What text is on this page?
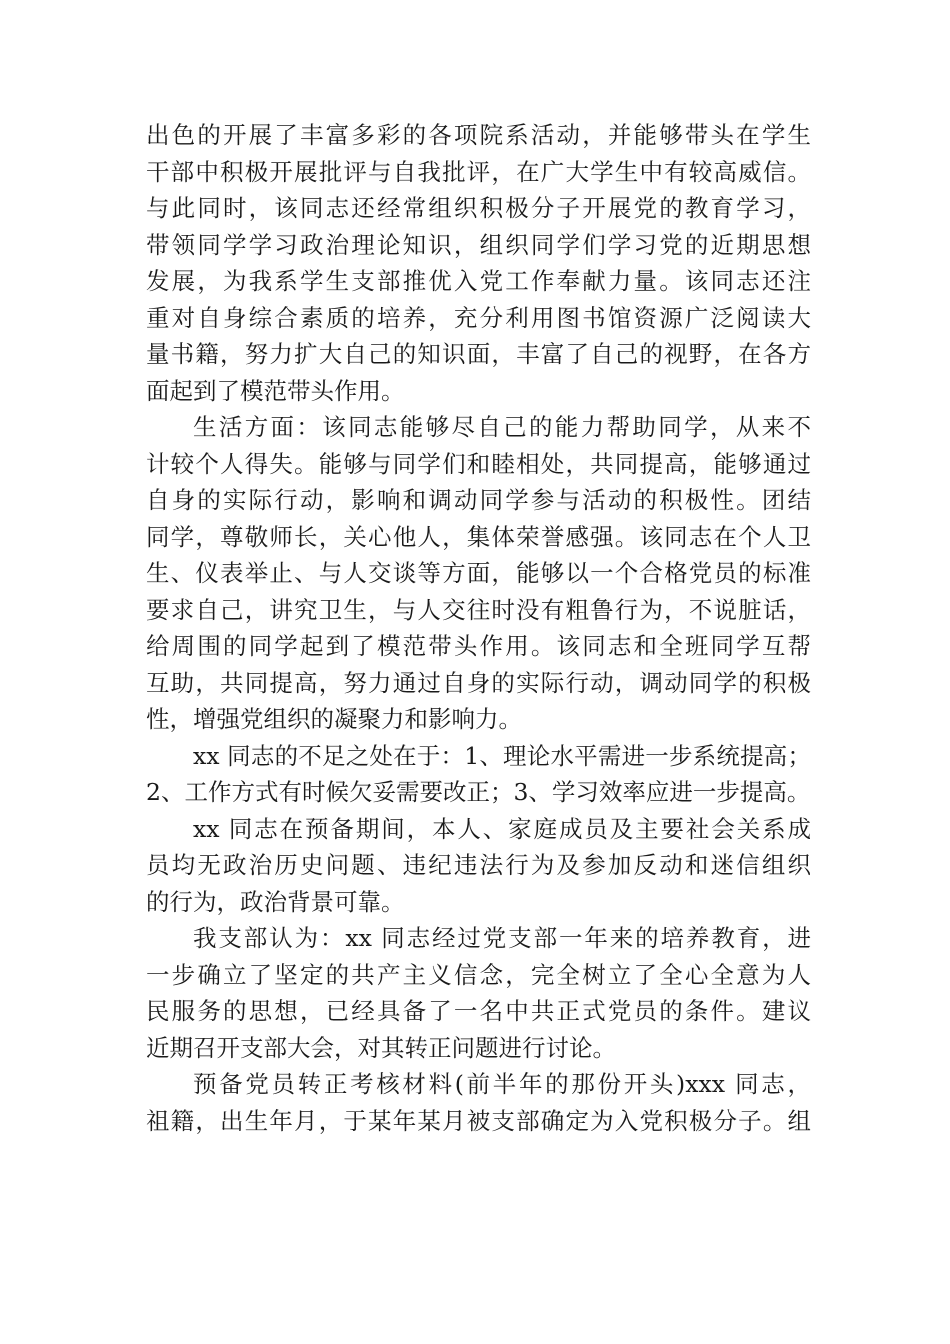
出色的开展了丰富多彩的各项院系活动，并能够带头在学生
干部中积极开展批评与自我批评，在广大学生中有较高威信。
与此同时，该同志还经常组织积极分子开展党的教育学习，
带领同学学习政治理论知识，组织同学们学习党的近期思想
发展，为我系学生支部推优入党工作奉献力量。该同志还注
重对自身综合素质的培养，充分利用图书馆资源广泛阅读大
量书籍，努力扩大自己的知识面，丰富了自己的视野，在各方
面起到了模范带头作用。

生活方面：该同志能够尽自己的能力帮助同学，从来不
计较个人得失。能够与同学们和睦相处，共同提高，能够通过
自身的实际行动，影响和调动同学参与活动的积极性。团结
同学，尊敬师长，关心他人，集体荣誉感强。该同志在个人卫
生、仪表举止、与人交谈等方面，能够以一个合格党员的标准
要求自己，讲究卫生，与人交往时没有粗鲁行为，不说脏话，
给周围的同学起到了模范带头作用。该同志和全班同学互帮
互助，共同提高，努力通过自身的实际行动，调动同学的积极
性，增强党组织的凝聚力和影响力。

xx 同志的不足之处在于：1、理论水平需进一步系统提高；
2、工作方式有时候欠妥需要改正；3、学习效率应进一步提高。

xx 同志在预备期间，本人、家庭成员及主要社会关系成
员均无政治历史问题、违纪违法行为及参加反动和迷信组织
的行为，政治背景可靠。

我支部认为：xx 同志经过党支部一年来的培养教育，进
一步确立了坚定的共产主义信念，完全树立了全心全意为人
民服务的思想，已经具备了一名中共正式党员的条件。建议
近期召开支部大会，对其转正问题进行讨论。

预备党员转正考核材料(前半年的那份开头)xxx 同志，
祖籍，出生年月，于某年某月被支部确定为入党积极分子。组
